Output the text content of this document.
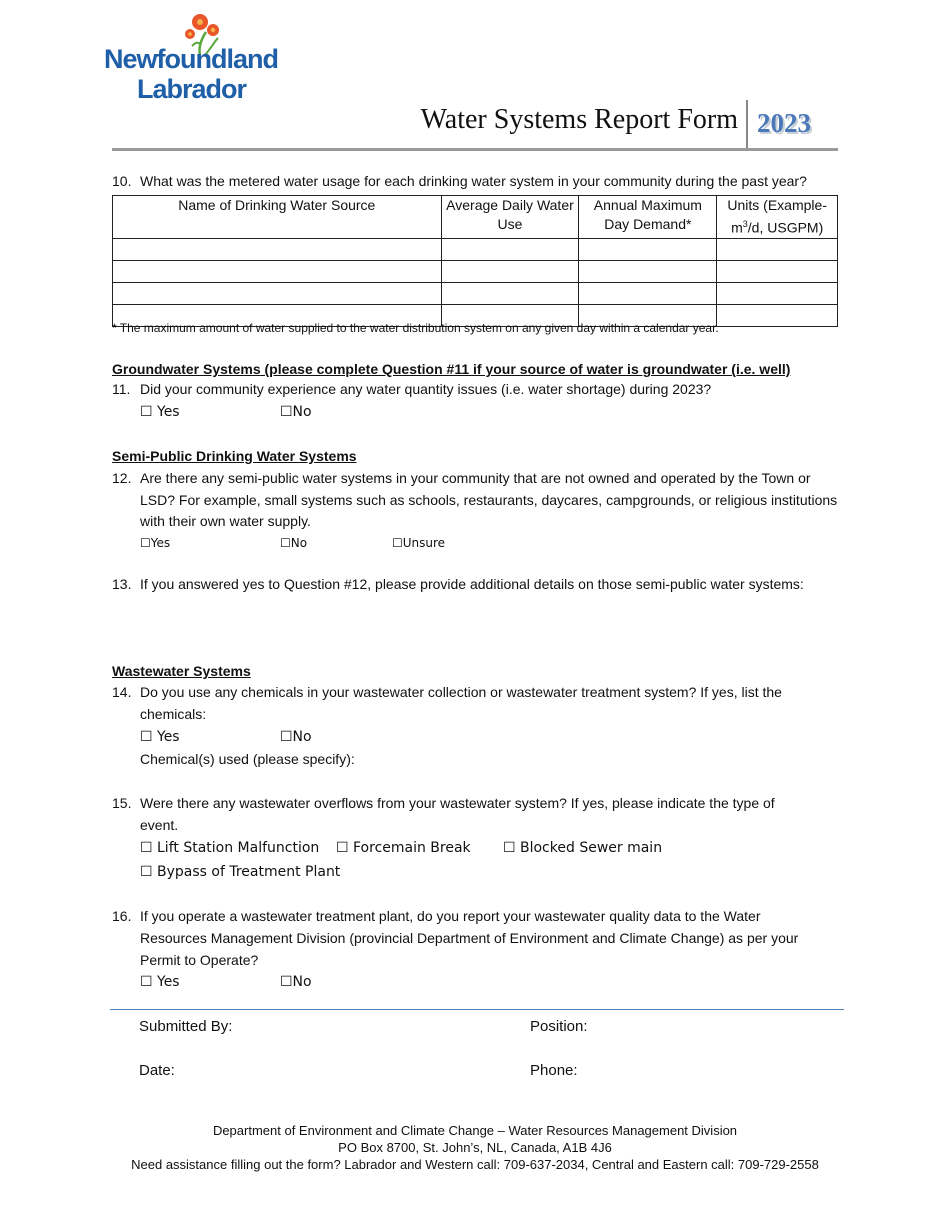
Newfoundland
Labrador
Water Systems Report Form 2023
10. What was the metered water usage for each drinking water system in your community during the past year?
Name of Drinking Water Source	Average Daily Water Use	Annual Maximum Day Demand*	Units (Example-
$m^3/d$, USGPM)

* The maximum amount of water supplied to the water distribution system on any given day within a calendar year.
Groundwater Systems (please complete Question #11 if your source of water is groundwater (i.e. well)
11. Did your community experience any water quantity issues (i.e. water shortage) during 2023?
☐ Yes	☐No
Semi-Public Drinking Water Systems
12. Are there any semi-public water systems in your community that are not owned and operated by the Town or
LSD? For example, small systems such as schools, restaurants, daycares, campgrounds, or religious institutions
with their own water supply.
☐Yes	☐No	☐Unsure
13. If you answered yes to Question #12, please provide additional details on those semi-public water systems:
Wastewater Systems
14. Do you use any chemicals in your wastewater collection or wastewater treatment system? If yes, list the
chemicals:
☐ Yes	☐No
Chemical(s) used (please specify):
15. Were there any wastewater overflows from your wastewater system? If yes, please indicate the type of
event.
☐ Lift Station Malfunction ☐ Forcemain Break ☐ Blocked Sewer main
☐ Bypass of Treatment Plant
16. If you operate a wastewater treatment plant, do you report your wastewater quality data to the Water
Resources Management Division (provincial Department of Environment and Climate Change) as per your
Permit to Operate?
☐ Yes	☐No
Submitted By:	Position:
Date:	Phone:
Department of Environment and Climate Change – Water Resources Management Division
PO Box 8700, St. John’s, NL, Canada, A1B 4J6
Need assistance filling out the form? Labrador and Western call: 709-637-2034, Central and Eastern call: 709-729-2558
